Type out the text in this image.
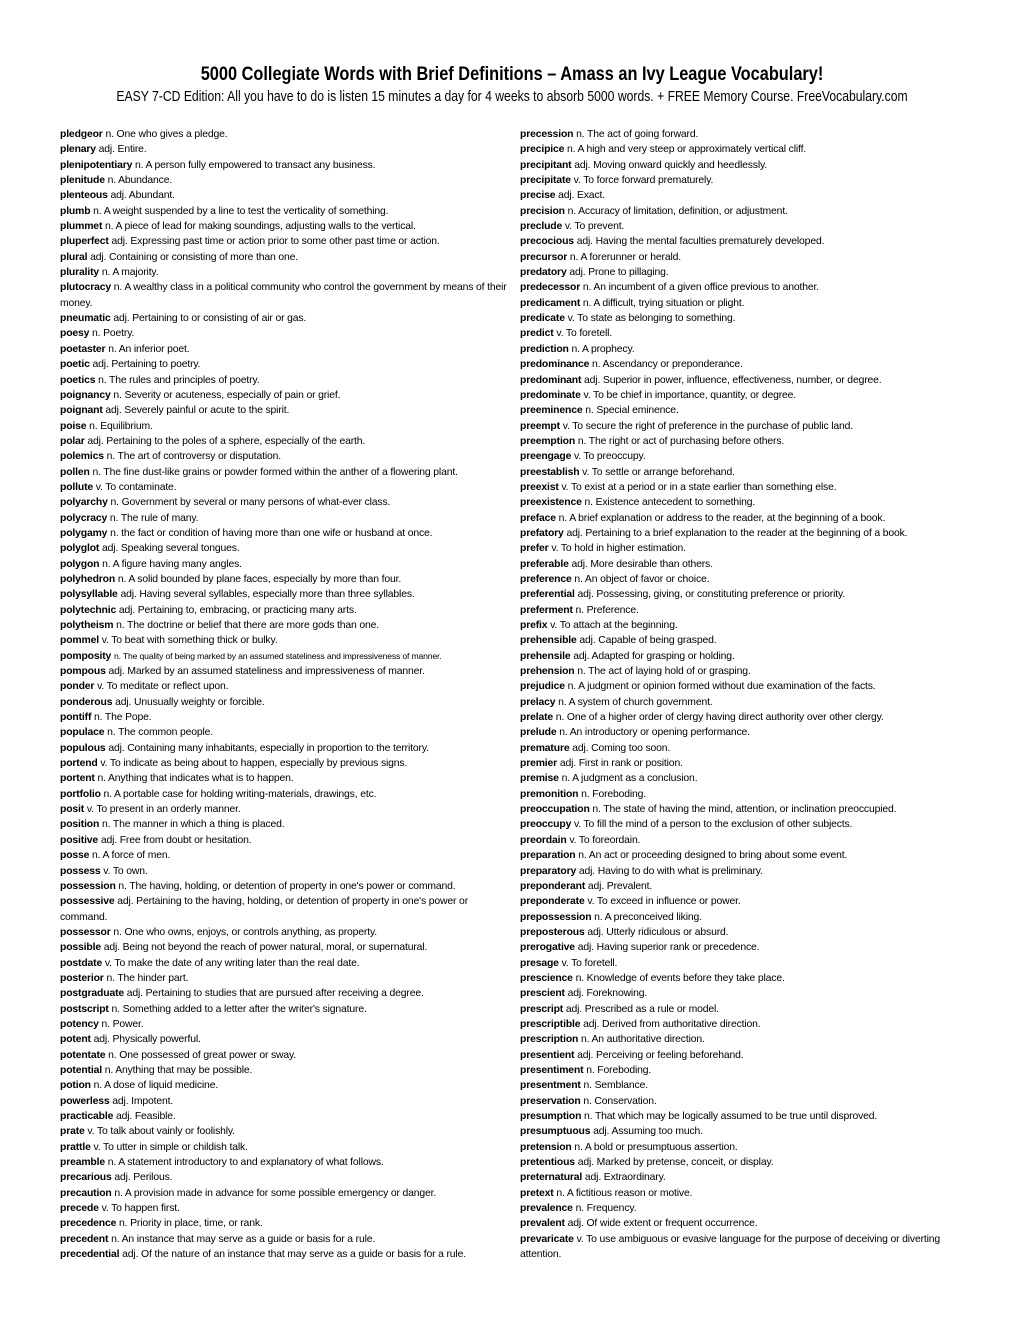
5000 Collegiate Words with Brief Definitions – Amass an Ivy League Vocabulary!
EASY 7-CD Edition: All you have to do is listen 15 minutes a day for 4 weeks to absorb 5000 words. + FREE Memory Course. FreeVocabulary.com

pledgeor n. One who gives a pledge.

plenary adj. Entire.

plenipotentiary n. A person fully empowered to transact any business.

plenitude n. Abundance.

plenteous adj. Abundant.

plumb n. A weight suspended by a line to test the verticality of something.

plummet n. A piece of lead for making soundings, adjusting walls to the vertical.

pluperfect adj. Expressing past time or action prior to some other past time or action.

plural adj. Containing or consisting of more than one.

plurality n. A majority.

plutocracy n. A wealthy class in a political community who control the government by means of their money.

pneumatic adj. Pertaining to or consisting of air or gas.

poesy n. Poetry.

poetaster n. An inferior poet.

poetic adj. Pertaining to poetry.

poetics n. The rules and principles of poetry.

poignancy n. Severity or acuteness, especially of pain or grief.

poignant adj. Severely painful or acute to the spirit.

poise n. Equilibrium.

polar adj. Pertaining to the poles of a sphere, especially of the earth.

polemics n. The art of controversy or disputation.

pollen n. The fine dust-like grains or powder formed within the anther of a flowering plant.

pollute v. To contaminate.

polyarchy n. Government by several or many persons of what-ever class.

polycracy n. The rule of many.

polygamy n. the fact or condition of having more than one wife or husband at once.

polyglot adj. Speaking several tongues.

polygon n. A figure having many angles.

polyhedron n. A solid bounded by plane faces, especially by more than four.

polysyllable adj. Having several syllables, especially more than three syllables.

polytechnic adj. Pertaining to, embracing, or practicing many arts.

polytheism n. The doctrine or belief that there are more gods than one.

pommel v. To beat with something thick or bulky.

pomposity n. The quality of being marked by an assumed stateliness and impressiveness of manner.

pompous adj. Marked by an assumed stateliness and impressiveness of manner.

ponder v. To meditate or reflect upon.

ponderous adj. Unusually weighty or forcible.

pontiff n. The Pope.

populace n. The common people.

populous adj. Containing many inhabitants, especially in proportion to the territory.

portend v. To indicate as being about to happen, especially by previous signs.

portent n. Anything that indicates what is to happen.

portfolio n. A portable case for holding writing-materials, drawings, etc.

posit v. To present in an orderly manner.

position n. The manner in which a thing is placed.

positive adj. Free from doubt or hesitation.

posse n. A force of men.

possess v. To own.

possession n. The having, holding, or detention of property in one's power or command.

possessive adj. Pertaining to the having, holding, or detention of property in one's power or command.

possessor n. One who owns, enjoys, or controls anything, as property.

possible adj. Being not beyond the reach of power natural, moral, or supernatural.

postdate v. To make the date of any writing later than the real date.

posterior n. The hinder part.

postgraduate adj. Pertaining to studies that are pursued after receiving a degree.

postscript n. Something added to a letter after the writer's signature.

potency n. Power.

potent adj. Physically powerful.

potentate n. One possessed of great power or sway.

potential n. Anything that may be possible.

potion n. A dose of liquid medicine.

powerless adj. Impotent.

practicable adj. Feasible.

prate v. To talk about vainly or foolishly.

prattle v. To utter in simple or childish talk.

preamble n. A statement introductory to and explanatory of what follows.

precarious adj. Perilous.

precaution n. A provision made in advance for some possible emergency or danger.

precede v. To happen first.

precedence n. Priority in place, time, or rank.

precedent n. An instance that may serve as a guide or basis for a rule.

precedential adj. Of the nature of an instance that may serve as a guide or basis for a rule.

precession n. The act of going forward.

precipice n. A high and very steep or approximately vertical cliff.

precipitant adj. Moving onward quickly and heedlessly.

precipitate v. To force forward prematurely.

precise adj. Exact.

precision n. Accuracy of limitation, definition, or adjustment.

preclude v. To prevent.

precocious adj. Having the mental faculties prematurely developed.

precursor n. A forerunner or herald.

predatory adj. Prone to pillaging.

predecessor n. An incumbent of a given office previous to another.

predicament n. A difficult, trying situation or plight.

predicate v. To state as belonging to something.

predict v. To foretell.

prediction n. A prophecy.

predominance n. Ascendancy or preponderance.

predominant adj. Superior in power, influence, effectiveness, number, or degree.

predominate v. To be chief in importance, quantity, or degree.

preeminence n. Special eminence.

preempt v. To secure the right of preference in the purchase of public land.

preemption n. The right or act of purchasing before others.

preengage v. To preoccupy.

preestablish v. To settle or arrange beforehand.

preexist v. To exist at a period or in a state earlier than something else.

preexistence n. Existence antecedent to something.

preface n. A brief explanation or address to the reader, at the beginning of a book.

prefatory adj. Pertaining to a brief explanation to the reader at the beginning of a book.

prefer v. To hold in higher estimation.

preferable adj. More desirable than others.

preference n. An object of favor or choice.

preferential adj. Possessing, giving, or constituting preference or priority.

preferment n. Preference.

prefix v. To attach at the beginning.

prehensible adj. Capable of being grasped.

prehensile adj. Adapted for grasping or holding.

prehension n. The act of laying hold of or grasping.

prejudice n. A judgment or opinion formed without due examination of the facts.

prelacy n. A system of church government.

prelate n. One of a higher order of clergy having direct authority over other clergy.

prelude n. An introductory or opening performance.

premature adj. Coming too soon.

premier adj. First in rank or position.

premise n. A judgment as a conclusion.

premonition n. Foreboding.

preoccupation n. The state of having the mind, attention, or inclination preoccupied.

preoccupy v. To fill the mind of a person to the exclusion of other subjects.

preordain v. To foreordain.

preparation n. An act or proceeding designed to bring about some event.

preparatory adj. Having to do with what is preliminary.

preponderant adj. Prevalent.

preponderate v. To exceed in influence or power.

prepossession n. A preconceived liking.

preposterous adj. Utterly ridiculous or absurd.

prerogative adj. Having superior rank or precedence.

presage v. To foretell.

prescience n. Knowledge of events before they take place.

prescient adj. Foreknowing.

prescript adj. Prescribed as a rule or model.

prescriptible adj. Derived from authoritative direction.

prescription n. An authoritative direction.

presentient adj. Perceiving or feeling beforehand.

presentiment n. Foreboding.

presentment n. Semblance.

preservation n. Conservation.

presumption n. That which may be logically assumed to be true until disproved.

presumptuous adj. Assuming too much.

pretension n. A bold or presumptuous assertion.

pretentious adj. Marked by pretense, conceit, or display.

preternatural adj. Extraordinary.

pretext n. A fictitious reason or motive.

prevalence n. Frequency.

prevalent adj. Of wide extent or frequent occurrence.

prevaricate v. To use ambiguous or evasive language for the purpose of deceiving or diverting attention.
